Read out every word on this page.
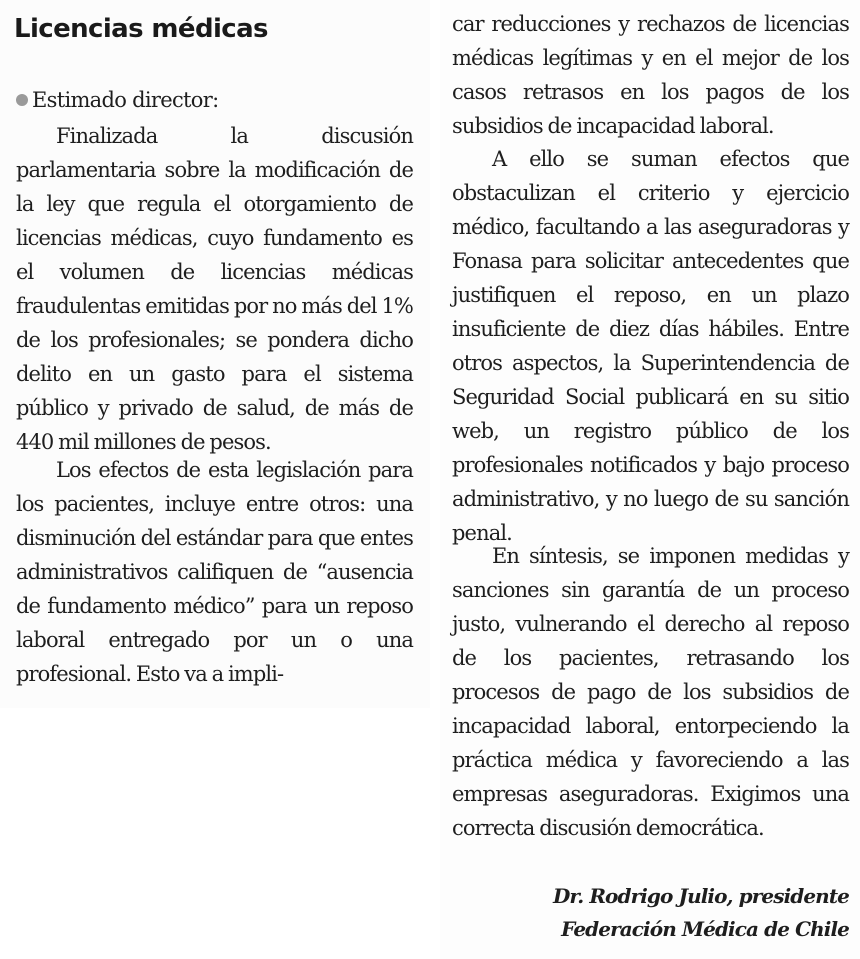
Licencias médicas
Estimado director:

Finalizada la discusión parlamentaria sobre la modificación de la ley que regula el otorgamiento de licencias médicas, cuyo fundamento es el volumen de licencias médicas fraudulentas emitidas por no más del 1% de los profesionales; se pondera dicho delito en un gasto para el sistema público y privado de salud, de más de 440 mil millones de pesos.

Los efectos de esta legislación para los pacientes, incluye entre otros: una disminución del estándar para que entes administrativos califiquen de “ausencia de fundamento médico” para un reposo laboral entregado por un o una profesional. Esto va a impli-

car reducciones y rechazos de licencias médicas legítimas y en el mejor de los casos retrasos en los pagos de los subsidios de incapacidad laboral.

A ello se suman efectos que obstaculizan el criterio y ejercicio médico, facultando a las aseguradoras y Fonasa para solicitar antecedentes que justifiquen el reposo, en un plazo insuficiente de diez días hábiles. Entre otros aspectos, la Superintendencia de Seguridad Social publicará en su sitio web, un registro público de los profesionales notificados y bajo proceso administrativo, y no luego de su sanción penal.

En síntesis, se imponen medidas y sanciones sin garantía de un proceso justo, vulnerando el derecho al reposo de los pacientes, retrasando los procesos de pago de los subsidios de incapacidad laboral, entorpeciendo la práctica médica y favoreciendo a las empresas aseguradoras. Exigimos una correcta discusión democrática.

Dr. Rodrigo Julio, presidente Federación Médica de Chile
